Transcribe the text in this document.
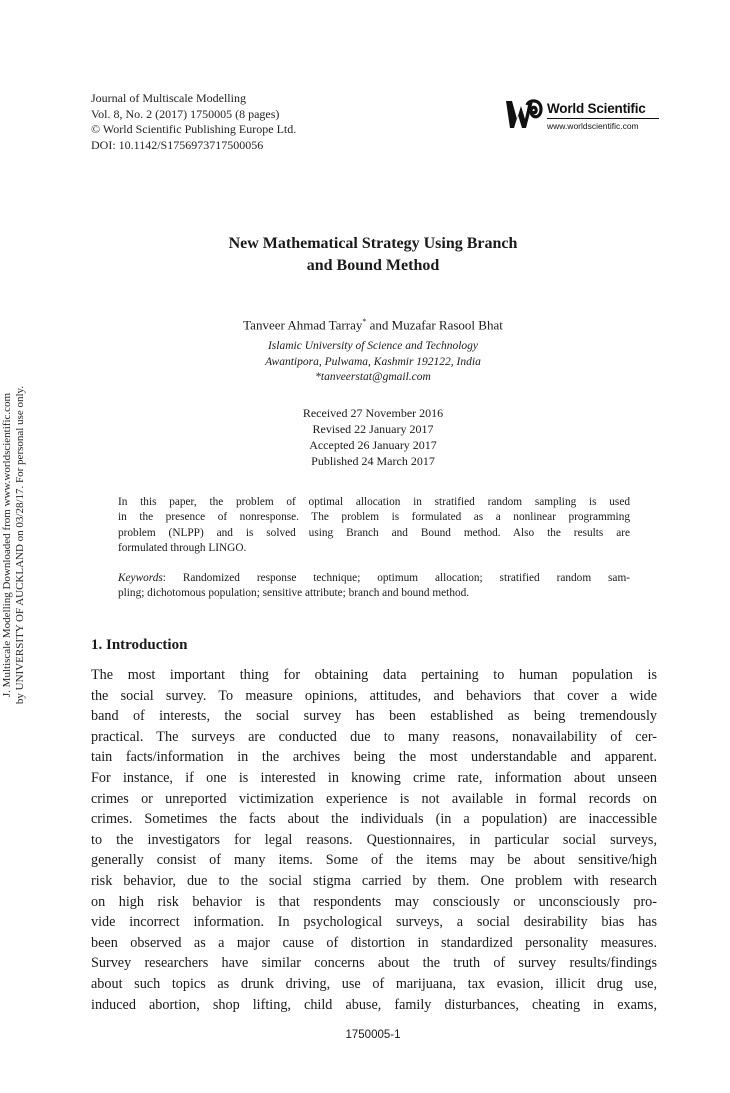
Journal of Multiscale Modelling
Vol. 8, No. 2 (2017) 1750005 (8 pages)
© World Scientific Publishing Europe Ltd.
DOI: 10.1142/S1756973717500056
World Scientific
www.worldscientific.com
J. Multiscale Modelling Downloaded from www.worldscientific.com by UNIVERSITY OF AUCKLAND on 03/28/17. For personal use only.
New Mathematical Strategy Using Branch
and Bound Method
Tanveer Ahmad Tarray* and Muzafar Rasool Bhat
Islamic University of Science and Technology
Awantipora, Pulwama, Kashmir 192122, India
*tanveerstat@gmail.com
Received 27 November 2016
Revised 22 January 2017
Accepted 26 January 2017
Published 24 March 2017
In this paper, the problem of optimal allocation in stratified random sampling is used
in the presence of nonresponse. The problem is formulated as a nonlinear programming
problem (NLPP) and is solved using Branch and Bound method. Also the results are
formulated through LINGO.
Keywords: Randomized response technique; optimum allocation; stratified random sam-
pling; dichotomous population; sensitive attribute; branch and bound method.
1. Introduction
The most important thing for obtaining data pertaining to human population is
the social survey. To measure opinions, attitudes, and behaviors that cover a wide
band of interests, the social survey has been established as being tremendously
practical. The surveys are conducted due to many reasons, nonavailability of cer-
tain facts/information in the archives being the most understandable and apparent.
For instance, if one is interested in knowing crime rate, information about unseen
crimes or unreported victimization experience is not available in formal records on
crimes. Sometimes the facts about the individuals (in a population) are inaccessible
to the investigators for legal reasons. Questionnaires, in particular social surveys,
generally consist of many items. Some of the items may be about sensitive/high
risk behavior, due to the social stigma carried by them. One problem with research
on high risk behavior is that respondents may consciously or unconsciously pro-
vide incorrect information. In psychological surveys, a social desirability bias has
been observed as a major cause of distortion in standardized personality measures.
Survey researchers have similar concerns about the truth of survey results/findings
about such topics as drunk driving, use of marijuana, tax evasion, illicit drug use,
induced abortion, shop lifting, child abuse, family disturbances, cheating in exams,
1750005-1
